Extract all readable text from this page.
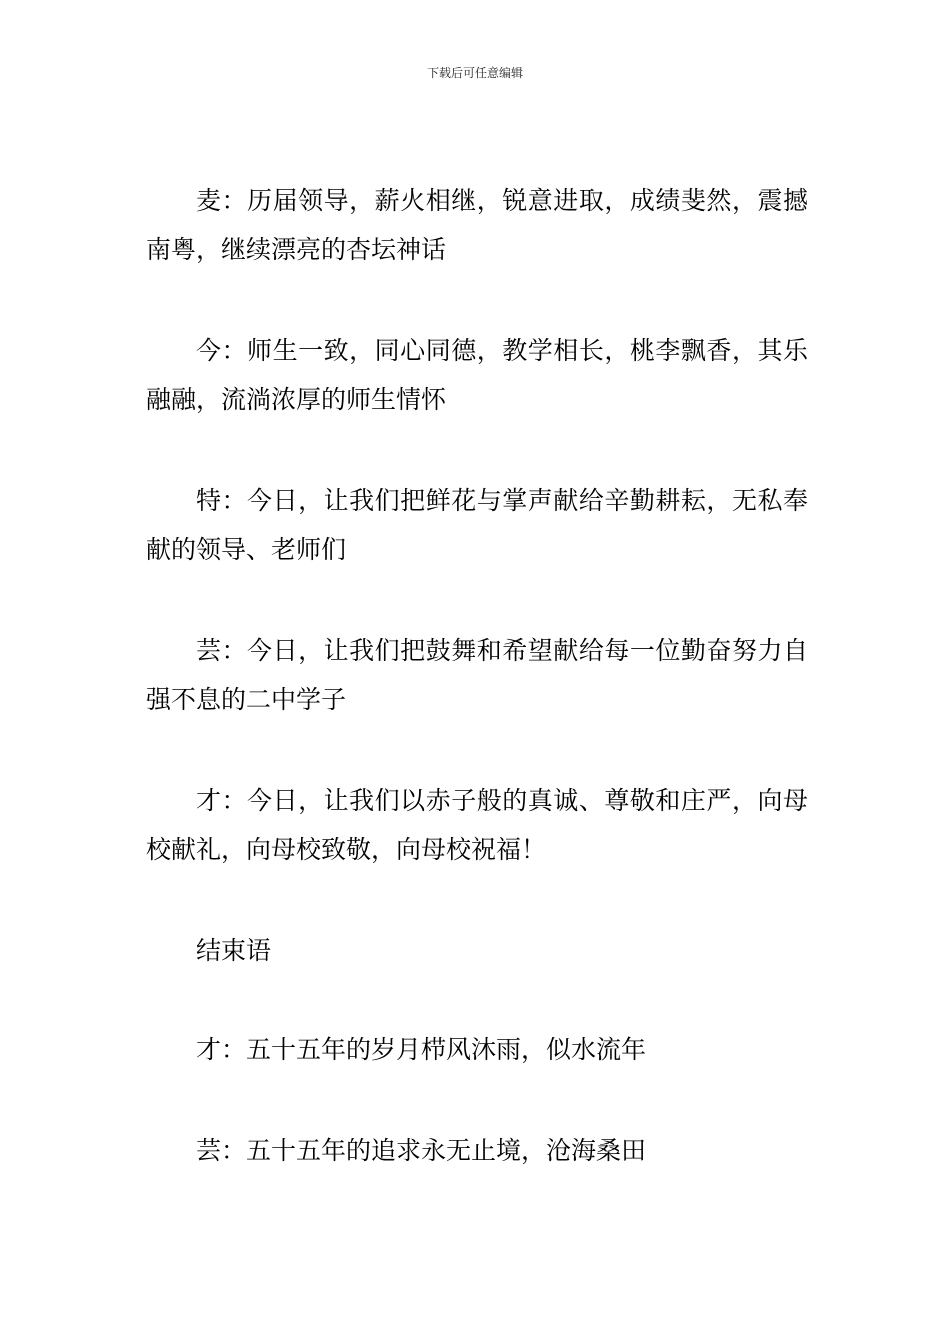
下载后可任意编辑

麦：历届领导，薪火相继，锐意进取，成绩斐然，震撼南粤，继续漂亮的杏坛神话

今：师生一致，同心同德，教学相长，桃李飘香，其乐融融，流淌浓厚的师生情怀

特：今日，让我们把鲜花与掌声献给辛勤耕耘，无私奉献的领导、老师们

芸：今日，让我们把鼓舞和希望献给每一位勤奋努力自强不息的二中学子

才：今日，让我们以赤子般的真诚、尊敬和庄严，向母校献礼，向母校致敬，向母校祝福！

结束语

才：五十五年的岁月栉风沐雨，似水流年

芸：五十五年的追求永无止境，沧海桑田
